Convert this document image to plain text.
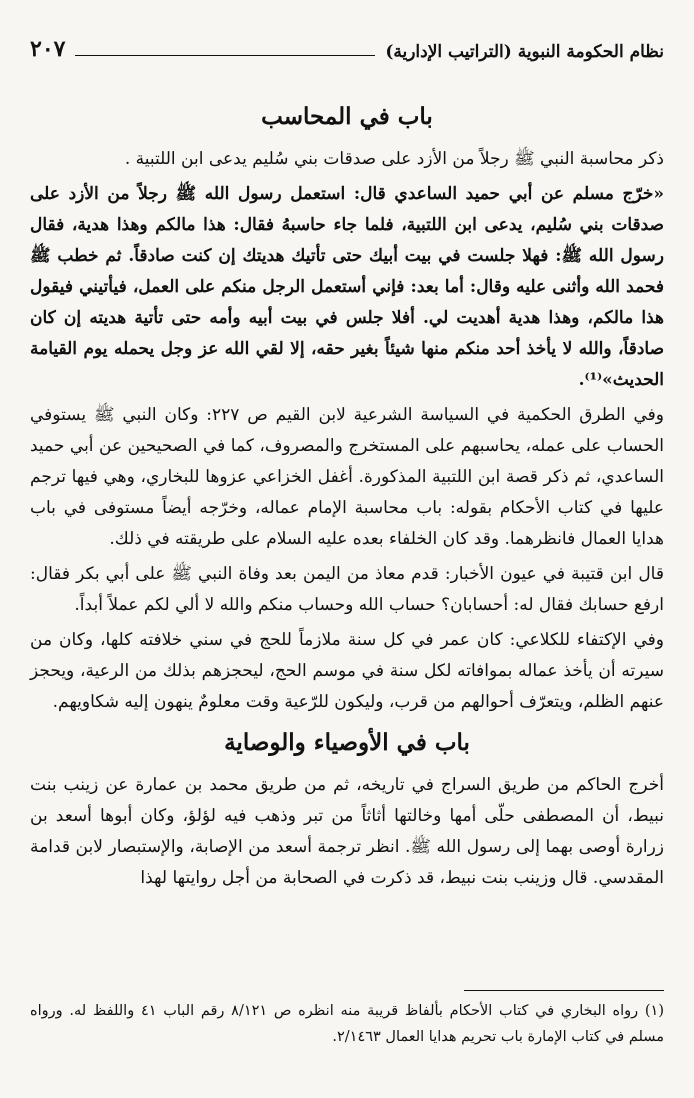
نظام الحكومة النبوية (التراتيب الإدارية)
٢٠٧
باب في المحاسب

ذكر محاسبة النبي ﷺ رجلاً من الأزد على صدقات بني سُليم يدعى ابن اللتبية .

«خرّج مسلم عن أبي حميد الساعدي قال: استعمل رسول الله ﷺ رجلاً من الأزد على صدقات بني سُليم، يدعى ابن اللتبية، فلما جاء حاسبهُ فقال: هذا مالكم وهذا هدية، فقال رسول الله ﷺ: فهلا جلست في بيت أبيك حتى تأتيك هديتك إن كنت صادقاً. ثم خطب ﷺ فحمد الله وأثنى عليه وقال: أما بعد: فإني أستعمل الرجل منكم على العمل، فيأتيني فيقول هذا مالكم، وهذا هدية أهديت لي. أفلا جلس في بيت أبيه وأمه حتى تأتية هديته إن كان صادقاً، والله لا يأخذ أحد منكم منها شيئاً بغير حقه، إلا لقي الله عز وجل يحمله يوم القيامة الحديث»⁽¹⁾.

وفي الطرق الحكمية في السياسة الشرعية لابن القيم ص ٢٢٧: وكان النبي ﷺ يستوفي الحساب على عمله، يحاسبهم على المستخرج والمصروف، كما في الصحيحين عن أبي حميد الساعدي، ثم ذكر قصة ابن اللتبية المذكورة. أغفل الخزاعي عزوها للبخاري، وهي فيها ترجم عليها في كتاب الأحكام بقوله: باب محاسبة الإمام عماله، وخرّجه أيضاً مستوفى في باب هدايا العمال فانظرهما. وقد كان الخلفاء بعده عليه السلام على طريقته في ذلك.

قال ابن قتيبة في عيون الأخبار: قدم معاذ من اليمن بعد وفاة النبي ﷺ على أبي بكر فقال: ارفع حسابك فقال له: أحسابان؟ حساب الله وحساب منكم والله لا ألي لكم عملاً أبداً.

وفي الإكتفاء للكلاعي: كان عمر في كل سنة ملازماً للحج في سني خلافته كلها، وكان من سيرته أن يأخذ عماله بموافاته لكل سنة في موسم الحج، ليحجزهم بذلك من الرعية، ويحجز عنهم الظلم، ويتعرّف أحوالهم من قرب، وليكون للرّعية وقت معلومٌ ينهون إليه شكاويهم.

باب في الأوصياء والوصاية

أخرج الحاكم من طريق السراج في تاريخه، ثم من طريق محمد بن عمارة عن زينب بنت نبيط، أن المصطفى حلّى أمها وخالتها أثاثاً من تبر وذهب فيه لؤلؤ، وكان أبوها أسعد بن زرارة أوصى بهما إلى رسول الله ﷺ. انظر ترجمة أسعد من الإصابة، والإستبصار لابن قدامة المقدسي. قال وزينب بنت نبيط، قد ذكرت في الصحابة من أجل روايتها لهذا

(١) رواه البخاري في كتاب الأحكام بألفاظ قريبة منه انظره ص ٨/١٢١ رقم الباب ٤١ واللفظ له. ورواه مسلم في كتاب الإمارة باب تحريم هدايا العمال ٢/١٤٦٣.
